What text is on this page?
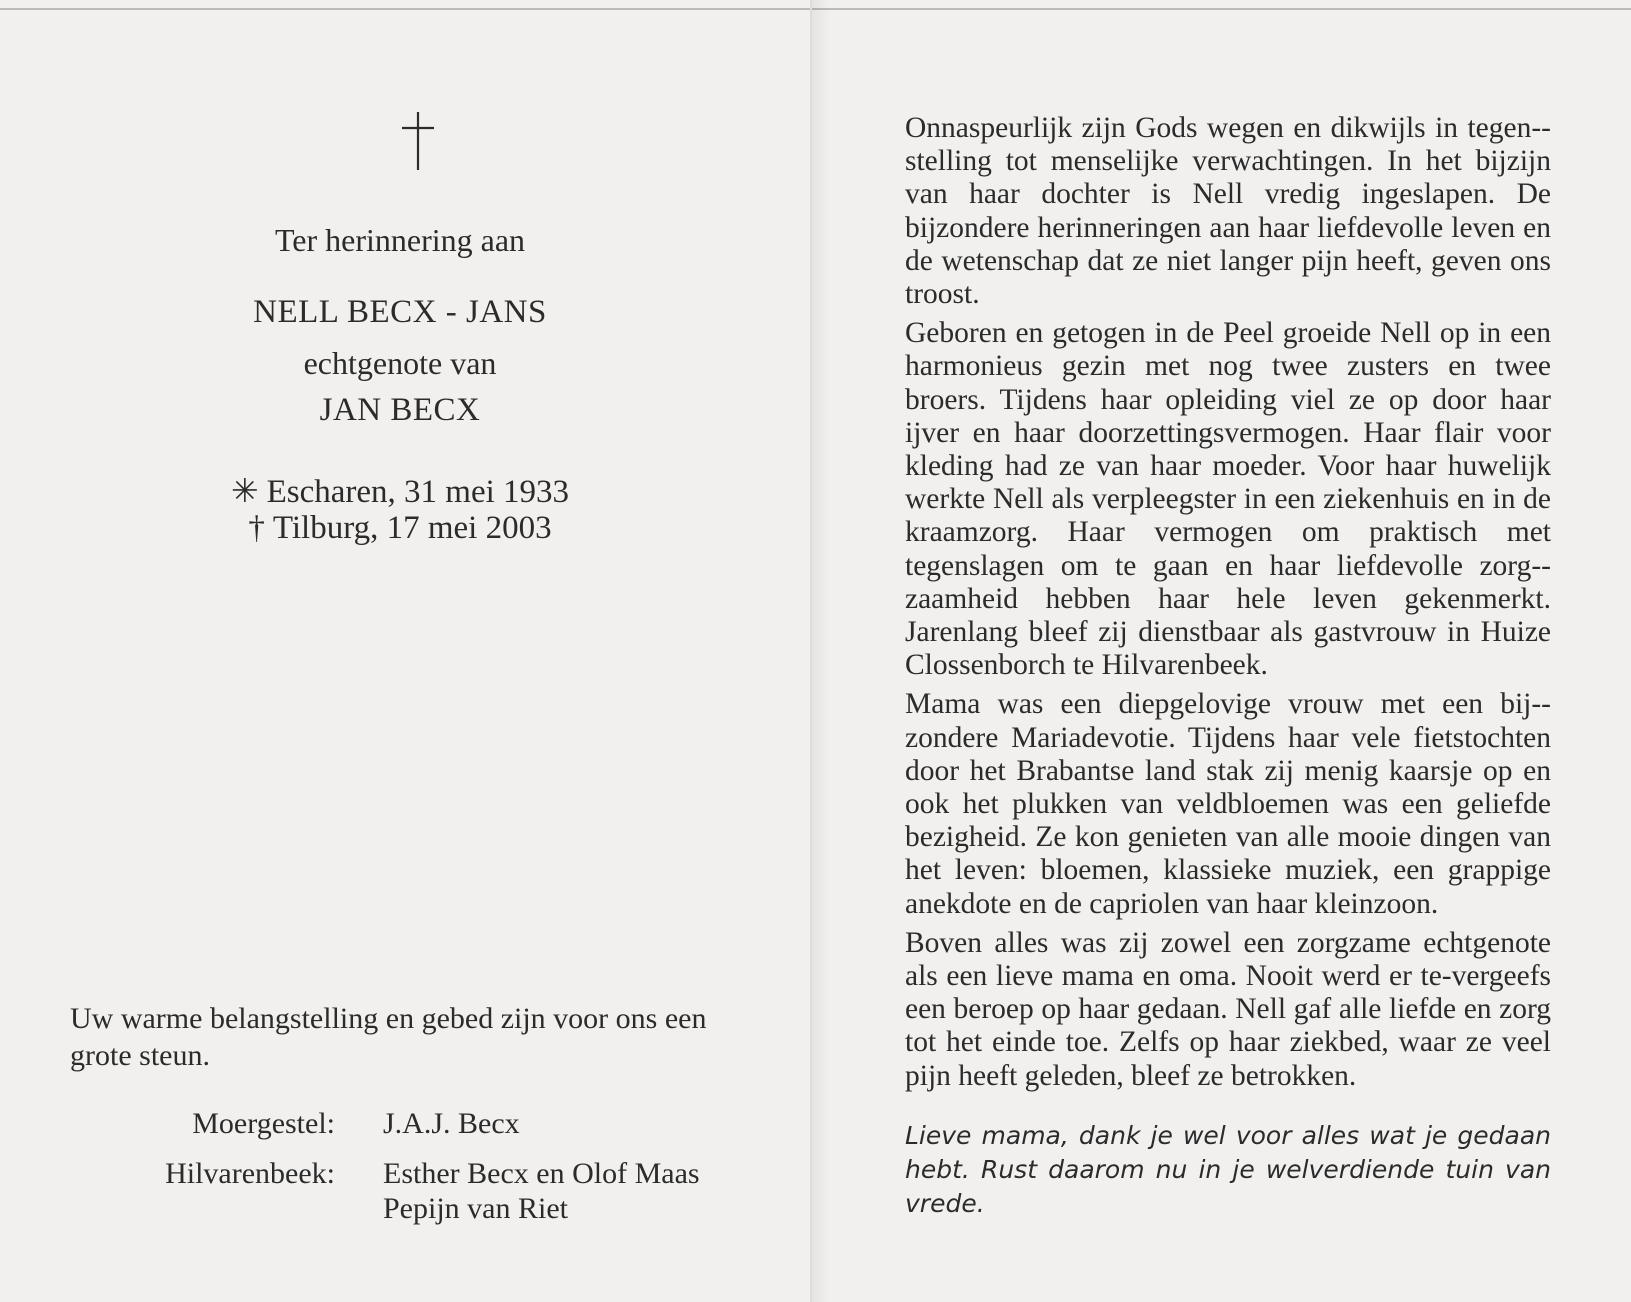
Ter herinnering aan
NELL BECX - JANS
echtgenote van
JAN BECX
✳ Escharen, 31 mei 1933
† Tilburg, 17 mei 2003
Uw warme belangstelling en gebed zijn voor ons een grote steun.
Moergestel: J.A.J. Becx
Hilvarenbeek: Esther Becx en Olof Maas
Pepijn van Riet

Onnaspeurlijk zijn Gods wegen en dikwijls in tegen-stelling tot menselijke verwachtingen. In het bijzijn van haar dochter is Nell vredig ingeslapen. De bijzondere herinneringen aan haar liefdevolle leven en de wetenschap dat ze niet langer pijn heeft, geven ons troost.

Geboren en getogen in de Peel groeide Nell op in een harmonieus gezin met nog twee zusters en twee broers. Tijdens haar opleiding viel ze op door haar ijver en haar doorzettingsvermogen. Haar flair voor kleding had ze van haar moeder. Voor haar huwelijk werkte Nell als verpleegster in een ziekenhuis en in de kraamzorg. Haar vermogen om praktisch met tegenslagen om te gaan en haar liefdevolle zorg-zaamheid hebben haar hele leven gekenmerkt. Jarenlang bleef zij dienstbaar als gastvrouw in Huize Clossenborch te Hilvarenbeek.

Mama was een diepgelovige vrouw met een bij-zondere Mariadevotie. Tijdens haar vele fietstochten door het Brabantse land stak zij menig kaarsje op en ook het plukken van veldbloemen was een geliefde bezigheid. Ze kon genieten van alle mooie dingen van het leven: bloemen, klassieke muziek, een grappige anekdote en de capriolen van haar kleinzoon.

Boven alles was zij zowel een zorgzame echtgenote als een lieve mama en oma. Nooit werd er te-vergeefs een beroep op haar gedaan. Nell gaf alle liefde en zorg tot het einde toe. Zelfs op haar ziekbed, waar ze veel pijn heeft geleden, bleef ze betrokken.

Lieve mama, dank je wel voor alles wat je gedaan hebt. Rust daarom nu in je welverdiende tuin van vrede.
